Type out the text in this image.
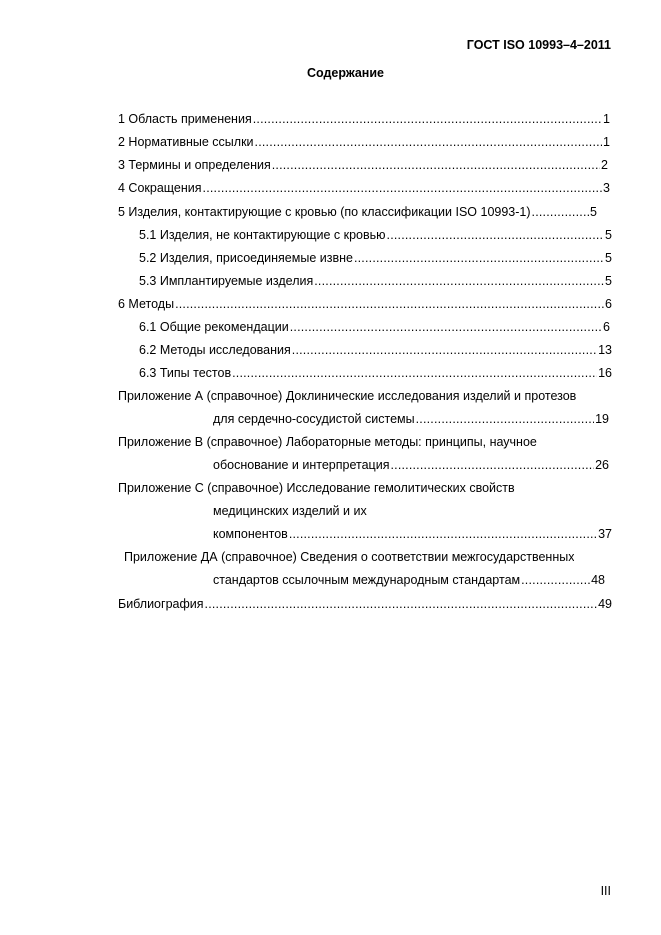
ГОСТ ISO 10993–4–2011
Содержание
1 Область применения .....	1
2 Нормативные ссылки .....	1
3 Термины и определения .....	2
4 Сокращения .....	3
5 Изделия, контактирующие с кровью (по классификации ISO 10993-1) .....	5
5.1 Изделия, не контактирующие с кровью .....	5
5.2 Изделия, присоединяемые извне .....	5
5.3 Имплантируемые изделия .....	5
6 Методы .....	6
6.1 Общие рекомендации .....	6
6.2 Методы исследования .....	13
6.3 Типы тестов .....	16
Приложение А (справочное) Доклинические исследования изделий и протезов
для сердечно-сосудистой системы .....	19
Приложение В (справочное) Лабораторные методы: принципы, научное
обоснование и интерпретация .....	26
Приложение С (справочное) Исследование гемолитических свойств
медицинских изделий и их
компонентов .....	37
Приложение ДА (справочное) Сведения о соответствии межгосударственных
стандартов ссылочным международным стандартам .....	48
Библиография .....	49
III
